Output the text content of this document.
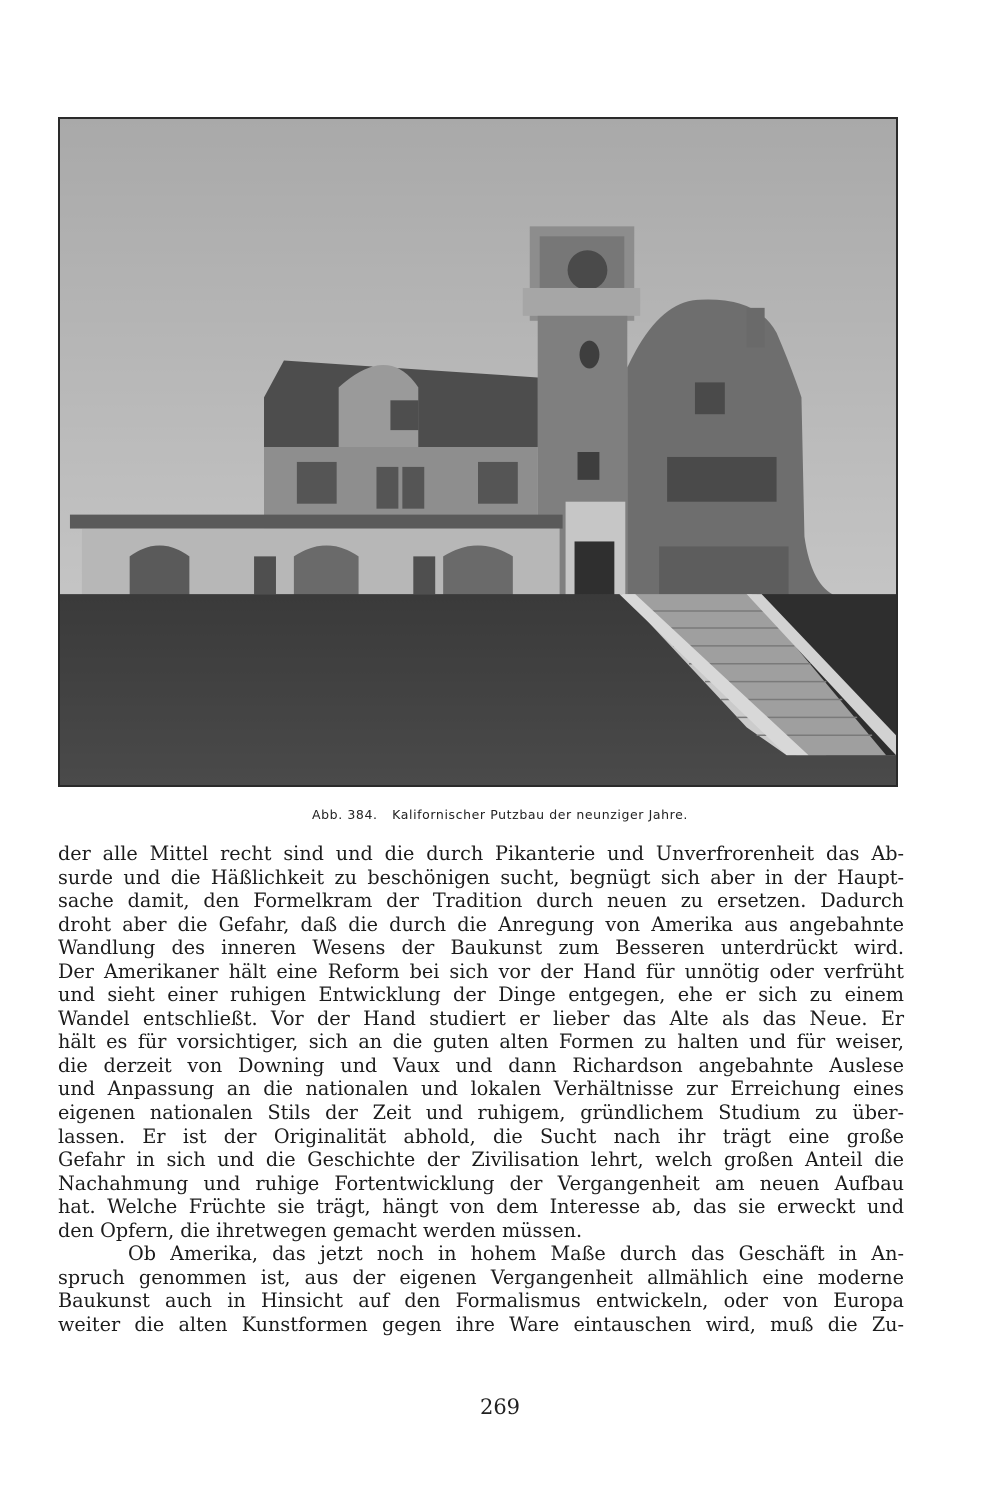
Abb. 384. Kalifornischer Putzbau der neunziger Jahre.
der alle Mittel recht sind und die durch Pikanterie und Unverfrorenheit das Ab-
surde und die Häßlichkeit zu beschönigen sucht, begnügt sich aber in der Haupt-
sache damit, den Formelkram der Tradition durch neuen zu ersetzen. Dadurch
droht aber die Gefahr, daß die durch die Anregung von Amerika aus angebahnte
Wandlung des inneren Wesens der Baukunst zum Besseren unterdrückt wird.
Der Amerikaner hält eine Reform bei sich vor der Hand für unnötig oder verfrüht
und sieht einer ruhigen Entwicklung der Dinge entgegen, ehe er sich zu einem
Wandel entschließt. Vor der Hand studiert er lieber das Alte als das Neue. Er
hält es für vorsichtiger, sich an die guten alten Formen zu halten und für weiser,
die derzeit von Downing und Vaux und dann Richardson angebahnte Auslese
und Anpassung an die nationalen und lokalen Verhältnisse zur Erreichung eines
eigenen nationalen Stils der Zeit und ruhigem, gründlichem Studium zu über-
lassen. Er ist der Originalität abhold, die Sucht nach ihr trägt eine große
Gefahr in sich und die Geschichte der Zivilisation lehrt, welch großen Anteil die
Nachahmung und ruhige Fortentwicklung der Vergangenheit am neuen Aufbau
hat. Welche Früchte sie trägt, hängt von dem Interesse ab, das sie erweckt und
den Opfern, die ihretwegen gemacht werden müssen.
Ob Amerika, das jetzt noch in hohem Maße durch das Geschäft in An-
spruch genommen ist, aus der eigenen Vergangenheit allmählich eine moderne
Baukunst auch in Hinsicht auf den Formalismus entwickeln, oder von Europa
weiter die alten Kunstformen gegen ihre Ware eintauschen wird, muß die Zu-
269
